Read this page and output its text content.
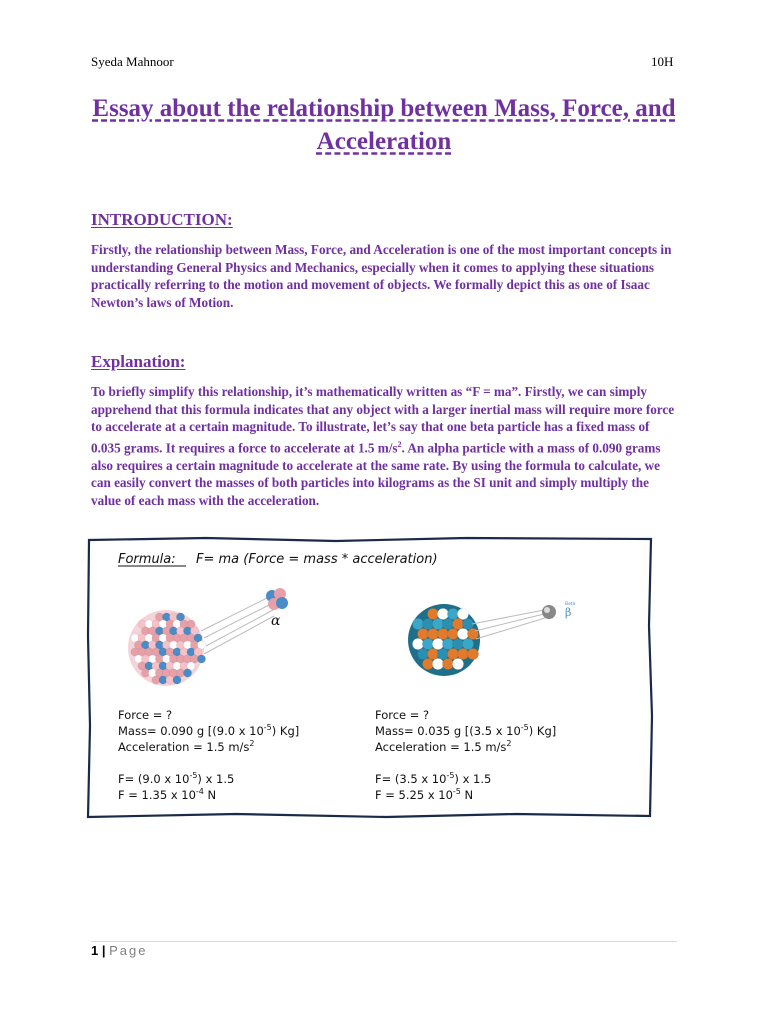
Syeda Mahnoor	10H
Essay about the relationship between Mass, Force, and Acceleration
INTRODUCTION:
Firstly, the relationship between Mass, Force, and Acceleration is one of the most important concepts in understanding General Physics and Mechanics, especially when it comes to applying these situations practically referring to the motion and movement of objects. We formally depict this as one of Isaac Newton’s laws of Motion.
Explanation:
To briefly simplify this relationship, it’s mathematically written as “F = ma”. Firstly, we can simply apprehend that this formula indicates that any object with a larger inertial mass will require more force to accelerate at a certain magnitude. To illustrate, let’s say that one beta particle has a fixed mass of 0.035 grams. It requires a force to accelerate at 1.5 $m/s^2$. An alpha particle with a mass of 0.090 grams also requires a certain magnitude to accelerate at the same rate. By using the formula to calculate, we can easily convert the masses of both particles into kilograms as the SI unit and simply multiply the value of each mass with the acceleration.
Formula: F= ma (Force = mass * acceleration)
α
Beta
β
Force = ?
Mass= 0.090 g [(9.0 x $10^{-5}$) Kg]
Acceleration = 1.5 $m/s^2$
F= (9.0 x $10^{-5}$) x 1.5
F = 1.35 x $10^{-4}$ N
Force = ?
Mass= 0.035 g [(3.5 x $10^{-5}$) Kg]
Acceleration = 1.5 $m/s^2$
F= (3.5 x $10^{-5}$) x 1.5
F = 5.25 x $10^{-5}$ N
1 | Page
